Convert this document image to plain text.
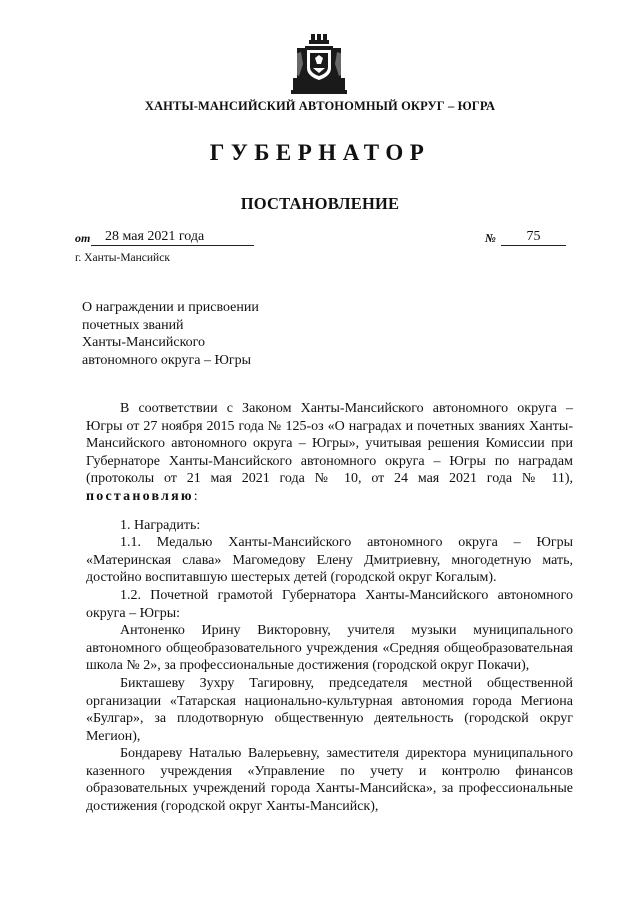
ХАНТЫ-МАНСИЙСКИЙ АВТОНОМНЫЙ ОКРУГ – ЮГРА
ГУБЕРНАТОР
ПОСТАНОВЛЕНИЕ
от	28 мая 2021 года	№	75
г. Ханты-Мансийск
О награждении и присвоении
почетных званий
Ханты-Мансийского
автономного округа – Югры

В соответствии с Законом Ханты-Мансийского автономного округа – Югры от 27 ноября 2015 года № 125-оз «О наградах и почетных званиях Ханты-Мансийского автономного округа – Югры», учитывая решения Комиссии при Губернаторе Ханты-Мансийского автономного округа – Югры по наградам (протоколы от 21 мая 2021 года № 10, от 24 мая 2021 года № 11), постановляю:

1. Наградить:

1.1. Медалью Ханты-Мансийского автономного округа – Югры «Материнская слава» Магомедову Елену Дмитриевну, многодетную мать, достойно воспитавшую шестерых детей (городской округ Когалым).

1.2. Почетной грамотой Губернатора Ханты-Мансийского автономного округа – Югры:

Антоненко Ирину Викторовну, учителя музыки муниципального автономного общеобразовательного учреждения «Средняя общеобразовательная школа № 2», за профессиональные достижения (городской округ Покачи),

Бикташеву Зухру Тагировну, председателя местной общественной организации «Татарская национально-культурная автономия города Мегиона «Булгар», за плодотворную общественную деятельность (городской округ Мегион),

Бондареву Наталью Валерьевну, заместителя директора муниципального казенного учреждения «Управление по учету и контролю финансов образовательных учреждений города Ханты-Мансийска», за профессиональные достижения (городской округ Ханты-Мансийск),
